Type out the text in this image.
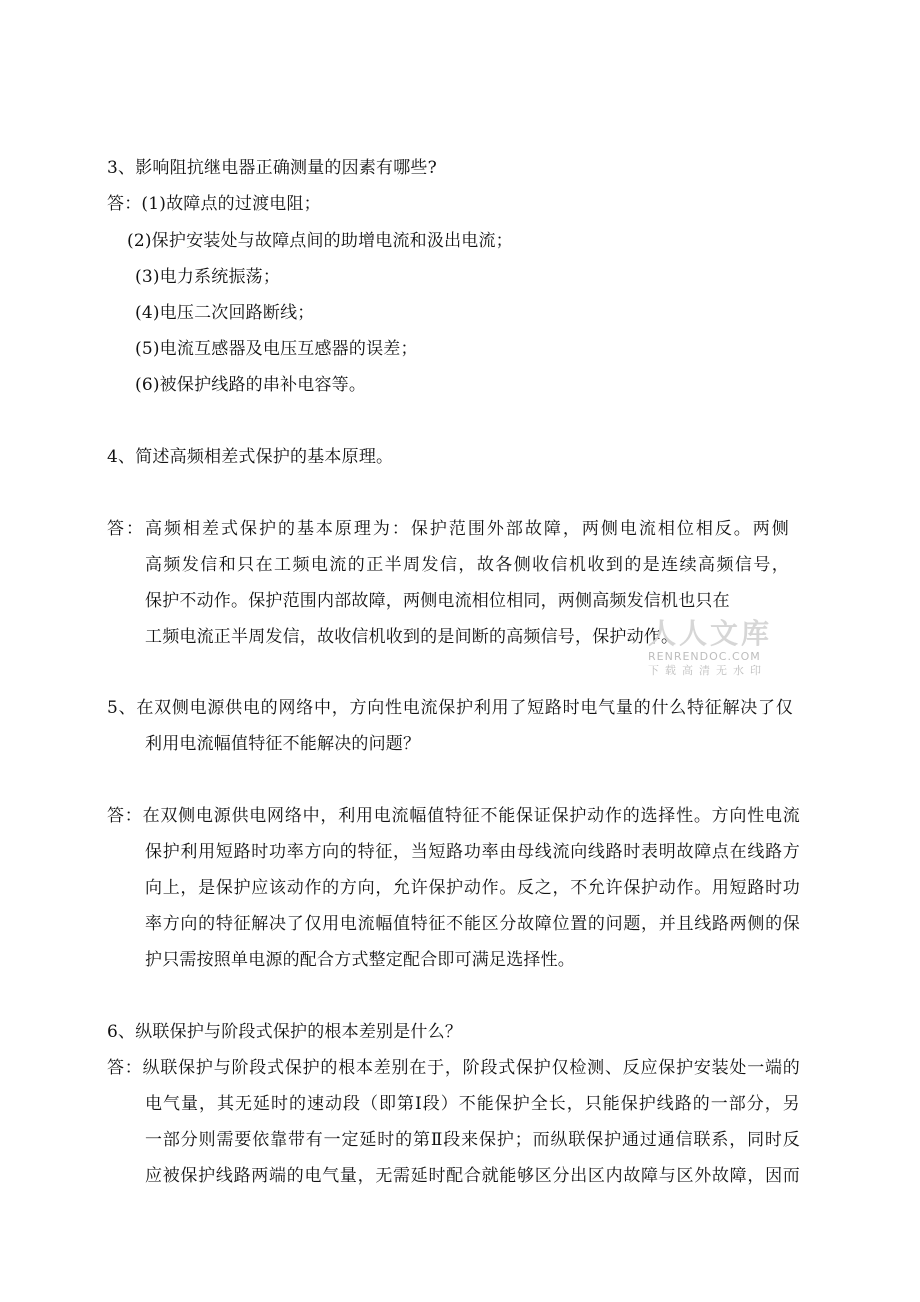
3、影响阻抗继电器正确测量的因素有哪些?
答：(1)故障点的过渡电阻；
(2)保护安装处与故障点间的助增电流和汲出电流；
(3)电力系统振荡；
(4)电压二次回路断线；
(5)电流互感器及电压互感器的误差；
(6)被保护线路的串补电容等。
4、简述高频相差式保护的基本原理。
答：高频相差式保护的基本原理为：保护范围外部故障，两侧电流相位相反。两侧
高频发信和只在工频电流的正半周发信，故各侧收信机收到的是连续高频信号，
保护不动作。保护范围内部故障，两侧电流相位相同，两侧高频发信机也只在
工频电流正半周发信，故收信机收到的是间断的高频信号，保护动作。
人人文库
RENRENDOC.COM
下载高清无水印
5、在双侧电源供电的网络中，方向性电流保护利用了短路时电气量的什么特征解决了仅
利用电流幅值特征不能解决的问题？
答：在双侧电源供电网络中，利用电流幅值特征不能保证保护动作的选择性。方向性电流
保护利用短路时功率方向的特征，当短路功率由母线流向线路时表明故障点在线路方
向上，是保护应该动作的方向，允许保护动作。反之，不允许保护动作。用短路时功
率方向的特征解决了仅用电流幅值特征不能区分故障位置的问题，并且线路两侧的保
护只需按照单电源的配合方式整定配合即可满足选择性。
6、纵联保护与阶段式保护的根本差别是什么？
答：纵联保护与阶段式保护的根本差别在于，阶段式保护仅检测、反应保护安装处一端的
电气量，其无延时的速动段（即第Ⅰ段）不能保护全长，只能保护线路的一部分，另
一部分则需要依靠带有一定延时的第Ⅱ段来保护；而纵联保护通过通信联系，同时反
应被保护线路两端的电气量，无需延时配合就能够区分出区内故障与区外故障，因而
